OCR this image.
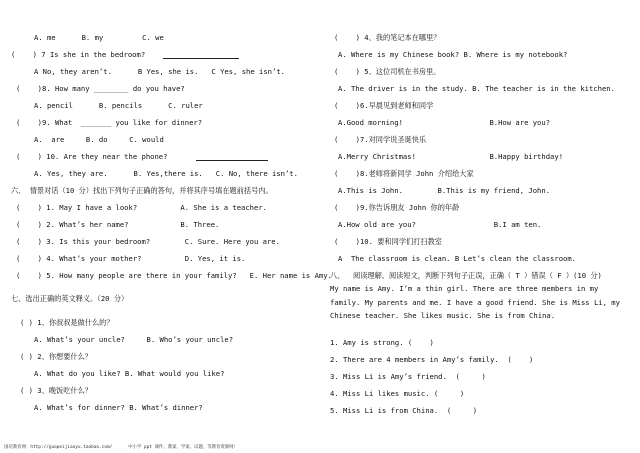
A. me      B. my         C. we
(    ) 7 Is she in the bedroom?
A No, they aren’t.      B Yes, she is.   C Yes, she isn’t.
(    )8. How many ________ do you have?
A. pencil      B. pencils      C. ruler
(    )9. What  _______ you like for dinner?
A.  are     B. do     C. would
(    ) 10. Are they near the phone?
A. Yes, they are.      B. Yes,there is.   C. No, there isn’t.
六、 情景对话（10 分）找出下列句子正确的答句，并将其序号填在题前括号内。
(    ) 1. May I have a look?          A. She is a teacher.
(    ) 2. What’s her name?            B. Three.
(    ) 3. Is this your bedroom?        C. Sure. Here you are.
(    ) 4. What’s your mother?          D. Yes, it is.
(    ) 5. How many people are there in your family?   E. Her name is Amy.
七、选出正确的英文释义。（20 分）
( ) 1、你叔叔是做什么的？
A. What’s your uncle?     B. Who’s your uncle?
( ) 2、你想要什么？
A. What do you like? B. What would you like?
( ) 3、晚饭吃什么？
A. What’s for dinner? B. What’s dinner?
(    ) 4、我的笔记本在哪里？
A. Where is my Chinese book? B. Where is my notebook?
(    ) 5、这位司机在书房里。
A. The driver is in the study. B. The teacher is in the kitchen.
(    )6.早晨见到老师和同学
A.Good morning!                    B.How are you?
(    )7.对同学说圣诞快乐
A.Merry Christmas!                 B.Happy birthday!
(    )8.老师将新同学 John 介绍给大家
A.This is John.        B.This is my friend, John.
(    )9.你告诉朋友 John 你的年龄
A.How old are you?                  B.I am ten.
(    )10. 要和同学们打扫教室
A  The classroom is clean. B Let’s clean the classroom.
八、  阅读理解。阅读短文，判断下列句子正误，正确（ T ）错误（ F ）(10 分)
My name is Amy. I’m a thin girl. There are three members in my family. My parents and me. I have a good friend. She is Miss Li, my Chinese teacher. She likes music. She is from China.
1. Amy is strong. (    )
2. There are 4 members in Amy’s family.  (    )
3. Miss Li is Amy’s friend.  (     )
4. Miss Li likes music. (     )
5. Miss Li is from China.  (     )
国培教育网：http://guopeijiaoyu.taobao.com/      中小学 ppt 课件、教案、学案、试题，等教育资源网！
